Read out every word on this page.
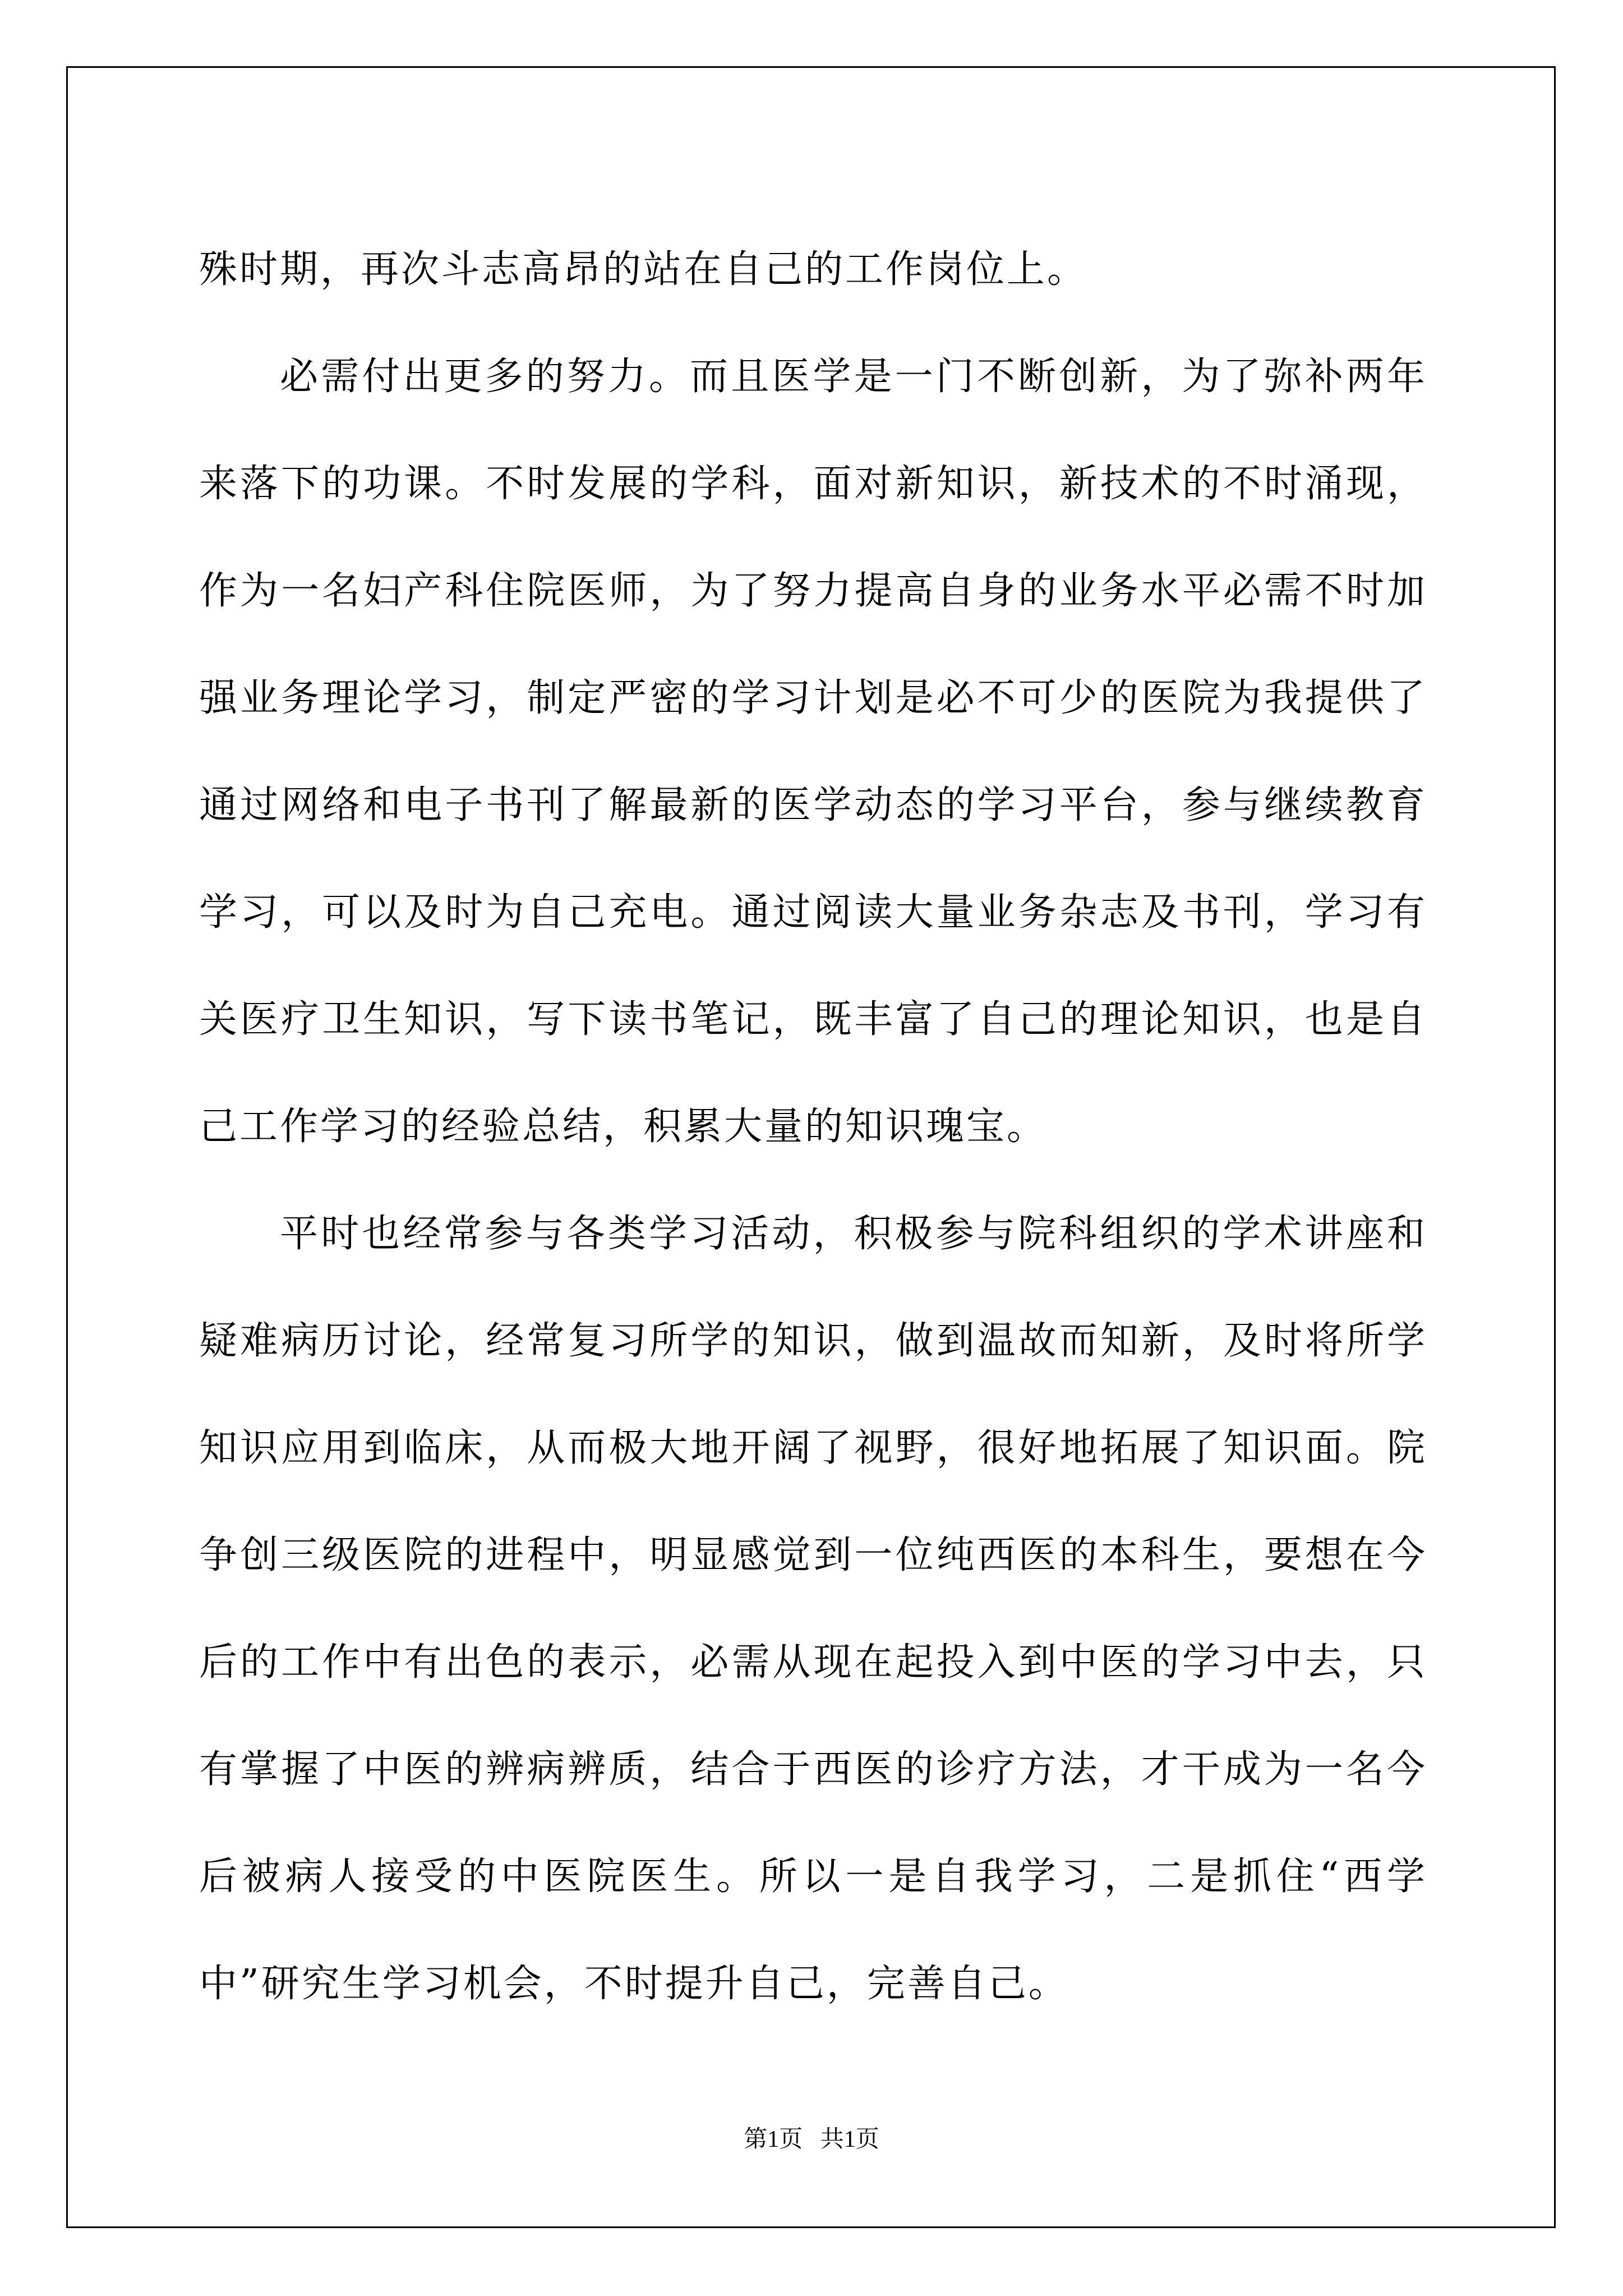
殊时期，再次斗志高昂的站在自己的工作岗位上。

必需付出更多的努力。而且医学是一门不断创新，为了弥补两年来落下的功课。不时发展的学科，面对新知识，新技术的不时涌现，作为一名妇产科住院医师，为了努力提高自身的业务水平必需不时加强业务理论学习，制定严密的学习计划是必不可少的医院为我提供了通过网络和电子书刊了解最新的医学动态的学习平台，参与继续教育学习，可以及时为自己充电。通过阅读大量业务杂志及书刊，学习有关医疗卫生知识，写下读书笔记，既丰富了自己的理论知识，也是自己工作学习的经验总结，积累大量的知识瑰宝。

平时也经常参与各类学习活动，积极参与院科组织的学术讲座和疑难病历讨论，经常复习所学的知识，做到温故而知新，及时将所学知识应用到临床，从而极大地开阔了视野，很好地拓展了知识面。院争创三级医院的进程中，明显感觉到一位纯西医的本科生，要想在今后的工作中有出色的表示，必需从现在起投入到中医的学习中去，只有掌握了中医的辨病辨质，结合于西医的诊疗方法，才干成为一名今后被病人接受的中医院医生。所以一是自我学习，二是抓住“西学中”研究生学习机会，不时提升自己，完善自己。

第1页 共1页
